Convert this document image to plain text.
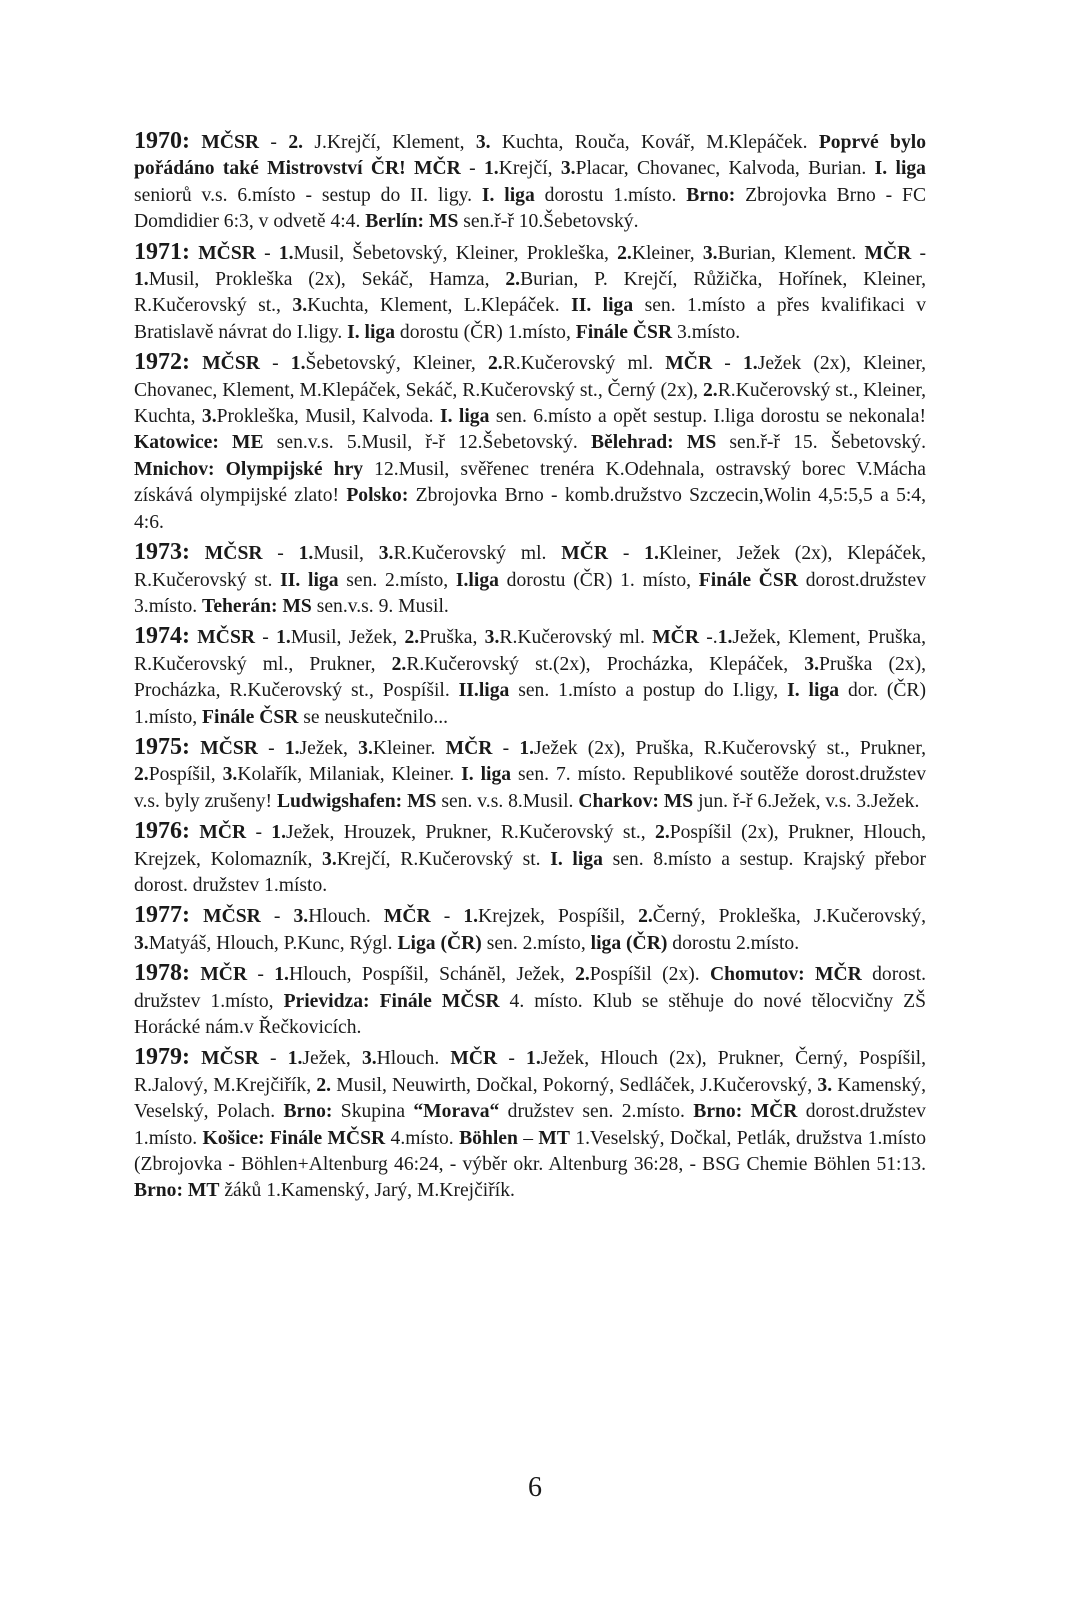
1970: MČSR - 2. J.Krejčí, Klement, 3. Kuchta, Rouča, Kovář, M.Klepáček. Poprvé bylo pořádáno také Mistrovství ČR! MČR - 1.Krejčí, 3.Placar, Chovanec, Kalvoda, Burian. I. liga seniorů v.s. 6.místo - sestup do II. ligy. I. liga dorostu 1.místo. Brno: Zbrojovka Brno - FC Domdidier 6:3, v odvetě 4:4. Berlín: MS sen.ř-ř 10.Šebetovský.

1971: MČSR - 1.Musil, Šebetovský, Kleiner, Prokleška, 2.Kleiner, 3.Burian, Klement. MČR - 1.Musil, Prokleška (2x), Sekáč, Hamza, 2.Burian, P. Krejčí, Růžička, Hořínek, Kleiner, R.Kučerovský st., 3.Kuchta, Klement, L.Klepáček. II. liga sen. 1.místo a přes kvalifikaci v Bratislavě návrat do I.ligy. I. liga dorostu (ČR) 1.místo, Finále ČSR 3.místo.

1972: MČSR - 1.Šebetovský, Kleiner, 2.R.Kučerovský ml. MČR - 1.Ježek (2x), Kleiner, Chovanec, Klement, M.Klepáček, Sekáč, R.Kučerovský st., Černý (2x), 2.R.Kučerovský st., Kleiner, Kuchta, 3.Prokleška, Musil, Kalvoda. I. liga sen. 6.místo a opět sestup. I.liga dorostu se nekonala! Katowice: ME sen.v.s. 5.Musil, ř-ř 12.Šebetovský. Bělehrad: MS sen.ř-ř 15. Šebetovský. Mnichov: Olympijské hry 12.Musil, svěřenec trenéra K.Odehnala, ostravský borec V.Mácha získává olympijské zlato! Polsko: Zbrojovka Brno - komb.družstvo Szczecin,Wolin 4,5:5,5 a 5:4, 4:6.

1973: MČSR - 1.Musil, 3.R.Kučerovský ml. MČR - 1.Kleiner, Ježek (2x), Klepáček, R.Kučerovský st. II. liga sen. 2.místo, I.liga dorostu (ČR) 1. místo, Finále ČSR dorost.družstev 3.místo. Teherán: MS sen.v.s. 9. Musil.

1974: MČSR - 1.Musil, Ježek, 2.Pruška, 3.R.Kučerovský ml. MČR -.1.Ježek, Klement, Pruška, R.Kučerovský ml., Prukner, 2.R.Kučerovský st.(2x), Procházka, Klepáček, 3.Pruška (2x), Procházka, R.Kučerovský st., Pospíšil. II.liga sen. 1.místo a postup do I.ligy, I. liga dor. (ČR) 1.místo, Finále ČSR se neuskutečnilo...

1975: MČSR - 1.Ježek, 3.Kleiner. MČR - 1.Ježek (2x), Pruška, R.Kučerovský st., Prukner, 2.Pospíšil, 3.Kolařík, Milaniak, Kleiner. I. liga sen. 7. místo. Republikové soutěže dorost.družstev v.s. byly zrušeny! Ludwigshafen: MS sen. v.s. 8.Musil. Charkov: MS jun. ř-ř 6.Ježek, v.s. 3.Ježek.

1976: MČR - 1.Ježek, Hrouzek, Prukner, R.Kučerovský st., 2.Pospíšil (2x), Prukner, Hlouch, Krejzek, Kolomazník, 3.Krejčí, R.Kučerovský st. I. liga sen. 8.místo a sestup. Krajský přebor dorost. družstev 1.místo.

1977: MČSR - 3.Hlouch. MČR - 1.Krejzek, Pospíšil, 2.Černý, Prokleška, J.Kučerovský, 3.Matyáš, Hlouch, P.Kunc, Rýgl. Liga (ČR) sen. 2.místo, liga (ČR) dorostu 2.místo.

1978: MČR - 1.Hlouch, Pospíšil, Schánĕl, Ježek, 2.Pospíšil (2x). Chomutov: MČR dorost. družstev 1.místo, Prievidza: Finále MČSR 4. místo. Klub se stěhuje do nové tělocvičny ZŠ Horácké nám.v Řečkovicích.

1979: MČSR - 1.Ježek, 3.Hlouch. MČR - 1.Ježek, Hlouch (2x), Prukner, Černý, Pospíšil, R.Jalový, M.Krejčiřík, 2. Musil, Neuwirth, Dočkal, Pokorný, Sedláček, J.Kučerovský, 3. Kamenský, Veselský, Polach. Brno: Skupina “Morava“ družstev sen. 2.místo. Brno: MČR dorost.družstev 1.místo. Košice: Finále MČSR 4.místo. Böhlen – MT 1.Veselský, Dočkal, Petlák, družstva 1.místo (Zbrojovka - Böhlen+Altenburg 46:24, - výběr okr. Altenburg 36:28, - BSG Chemie Böhlen 51:13. Brno: MT žáků 1.Kamenský, Jarý, M.Krejčiřík.

6
